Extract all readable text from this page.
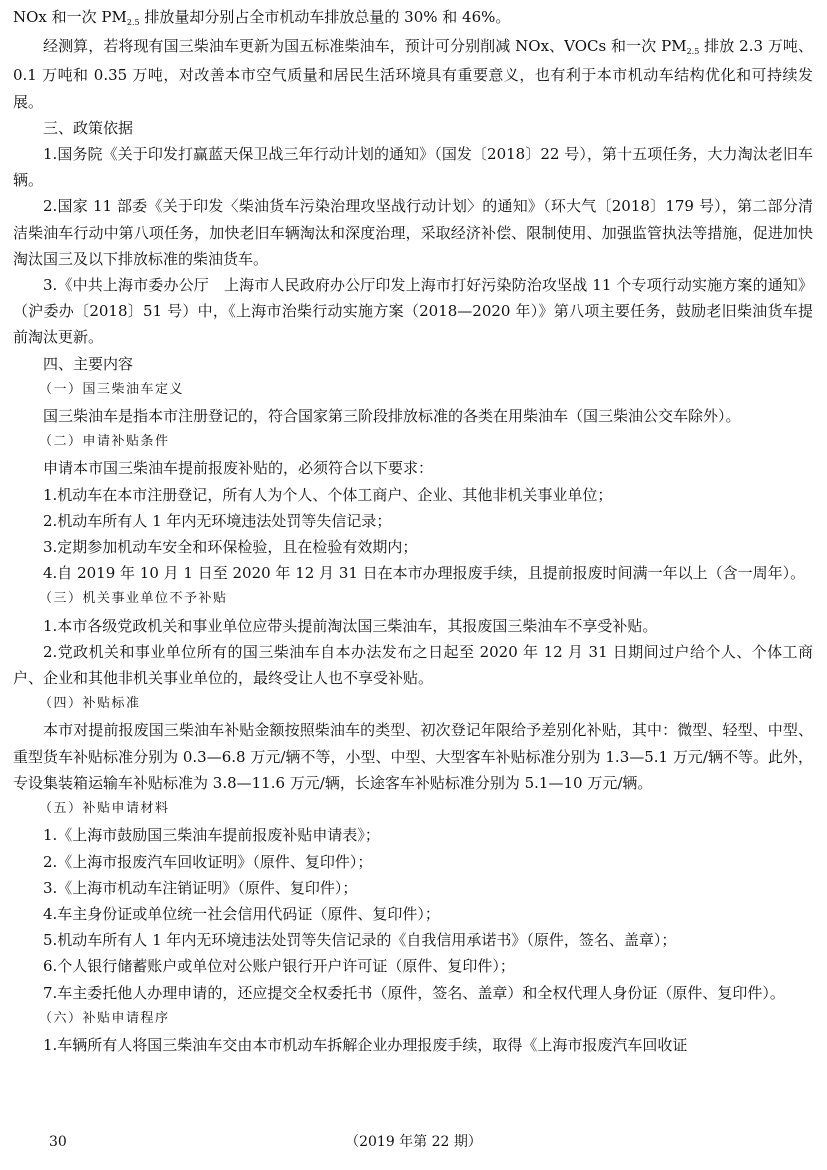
NOx 和一次 $PM_{2.5}$ 排放量却分别占全市机动车排放总量的 30% 和 46%。

经测算，若将现有国三柴油车更新为国五标准柴油车，预计可分别削减 NOx、VOCs 和一次 $PM_{2.5}$ 排放 2.3 万吨、0.1 万吨和 0.35 万吨，对改善本市空气质量和居民生活环境具有重要意义，也有利于本市机动车结构优化和可持续发展。

三、政策依据

1.国务院《关于印发打赢蓝天保卫战三年行动计划的通知》（国发〔2018〕22 号），第十五项任务，大力淘汰老旧车辆。

2.国家 11 部委《关于印发〈柴油货车污染治理攻坚战行动计划〉的通知》（环大气〔2018〕179 号），第二部分清洁柴油车行动中第八项任务，加快老旧车辆淘汰和深度治理，采取经济补偿、限制使用、加强监管执法等措施，促进加快淘汰国三及以下排放标准的柴油货车。

3.《中共上海市委办公厅　上海市人民政府办公厅印发上海市打好污染防治攻坚战 11 个专项行动实施方案的通知》（沪委办〔2018〕51 号）中，《上海市治柴行动实施方案（2018—2020 年）》第八项主要任务，鼓励老旧柴油货车提前淘汰更新。

四、主要内容

（一）国三柴油车定义

国三柴油车是指本市注册登记的，符合国家第三阶段排放标准的各类在用柴油车（国三柴油公交车除外）。

（二）申请补贴条件

申请本市国三柴油车提前报废补贴的，必须符合以下要求：

1.机动车在本市注册登记，所有人为个人、个体工商户、企业、其他非机关事业单位；

2.机动车所有人 1 年内无环境违法处罚等失信记录；

3.定期参加机动车安全和环保检验，且在检验有效期内；

4.自 2019 年 10 月 1 日至 2020 年 12 月 31 日在本市办理报废手续，且提前报废时间满一年以上（含一周年）。

（三）机关事业单位不予补贴

1.本市各级党政机关和事业单位应带头提前淘汰国三柴油车，其报废国三柴油车不享受补贴。

2.党政机关和事业单位所有的国三柴油车自本办法发布之日起至 2020 年 12 月 31 日期间过户给个人、个体工商户、企业和其他非机关事业单位的，最终受让人也不享受补贴。

（四）补贴标准

本市对提前报废国三柴油车补贴金额按照柴油车的类型、初次登记年限给予差别化补贴，其中：微型、轻型、中型、重型货车补贴标准分别为 0.3—6.8 万元/辆不等，小型、中型、大型客车补贴标准分别为 1.3—5.1 万元/辆不等。此外，专设集装箱运输车补贴标准为 3.8—11.6 万元/辆，长途客车补贴标准分别为 5.1—10 万元/辆。

（五）补贴申请材料

1.《上海市鼓励国三柴油车提前报废补贴申请表》；

2.《上海市报废汽车回收证明》（原件、复印件）；

3.《上海市机动车注销证明》（原件、复印件）；

4.车主身份证或单位统一社会信用代码证（原件、复印件）；

5.机动车所有人 1 年内无环境违法处罚等失信记录的《自我信用承诺书》（原件，签名、盖章）；

6.个人银行储蓄账户或单位对公账户银行开户许可证（原件、复印件）；

7.车主委托他人办理申请的，还应提交全权委托书（原件，签名、盖章）和全权代理人身份证（原件、复印件）。

（六）补贴申请程序

1.车辆所有人将国三柴油车交由本市机动车拆解企业办理报废手续，取得《上海市报废汽车回收证

30	（2019 年第 22 期）
